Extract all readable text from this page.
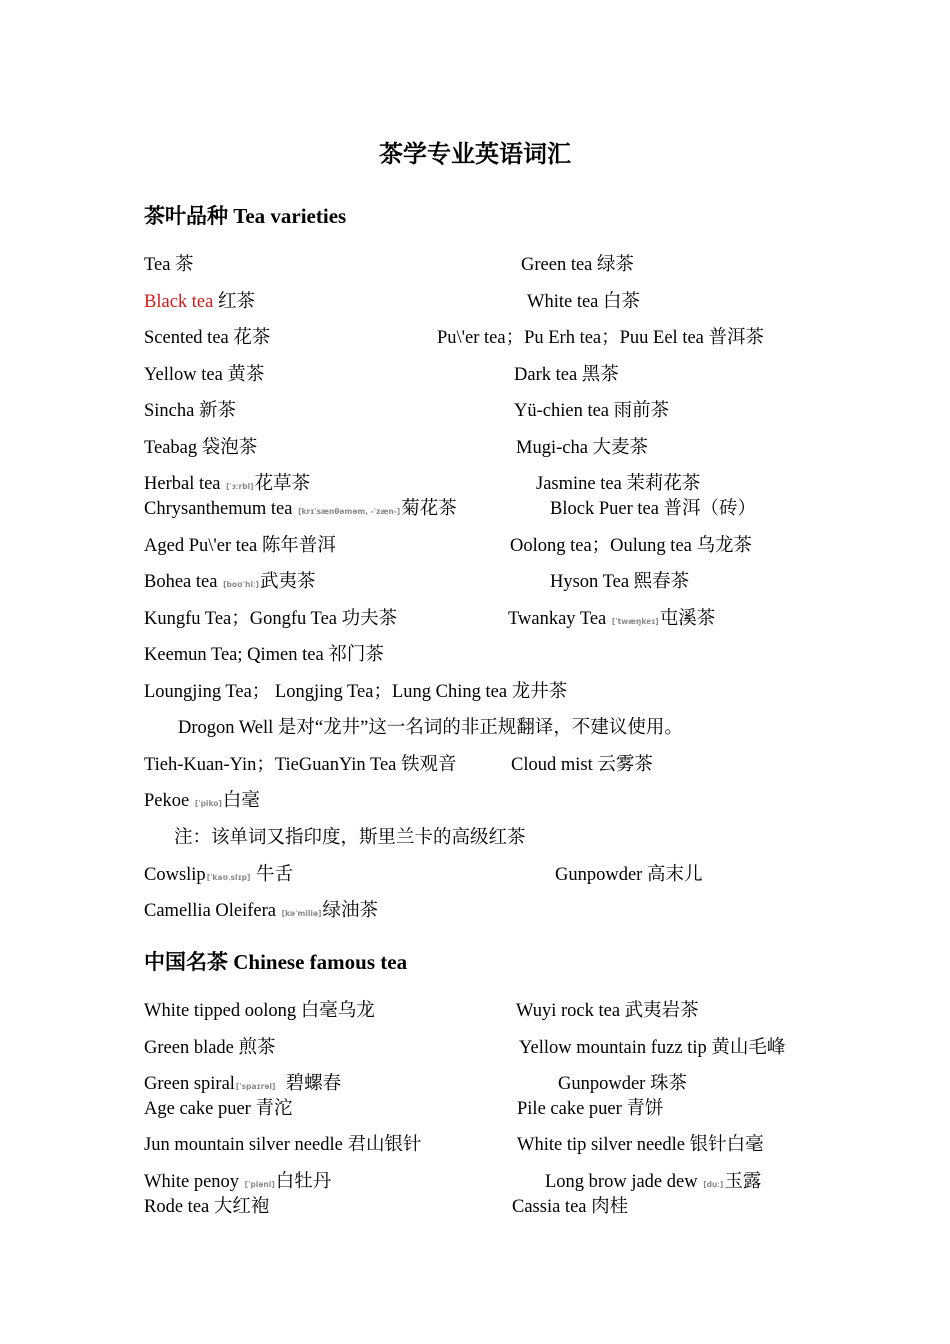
茶学专业英语词汇
茶叶品种 Tea varieties
Tea 茶	Green tea 绿茶
Black tea 红茶	White tea 白茶
Scented tea 花茶	Pu\'er tea；Pu Erh tea；Puu Eel tea 普洱茶
Yellow tea 黄茶	Dark tea 黑茶
Sincha 新茶	Yü-chien tea 雨前茶
Teabag 袋泡茶	Mugi-cha 大麦茶
Herbal tea [ˈɜːrbl]花草茶	Jasmine tea 茉莉花茶
Chrysanthemum tea [krɪˈsænθəməm, -ˈzæn-]菊花茶	Block Puer tea 普洱（砖）
Aged Pu\'er tea 陈年普洱	Oolong tea；Oulung tea 乌龙茶
Bohea tea [boʊˈhiː]武夷茶	Hyson Tea 熙春茶
Kungfu Tea；Gongfu Tea 功夫茶	Twankay Tea [ˈtwæŋkeɪ]屯溪茶
Keemun Tea; Qimen tea 祁门茶
Loungjing Tea； Longjing Tea；Lung Ching tea 龙井茶
Drogon Well 是对“龙井”这一名词的非正规翻译，不建议使用。
Tieh-Kuan-Yin；TieGuanYin Tea 铁观音	Cloud mist 云雾茶
Pekoe [ˈpiko]白毫
注：该单词又指印度，斯里兰卡的高级红茶
Cowslip[ˈkaʊˌslɪp] 牛舌	Gunpowder 高末儿
Camellia Oleifera [kəˈmiliə]绿油茶
中国名茶 Chinese famous tea
White tipped oolong 白毫乌龙	Wuyi rock tea 武夷岩茶
Green blade 煎茶	Yellow mountain fuzz tip 黄山毛峰
Green spiral[ˈspaɪrəl]  碧螺春	Gunpowder 珠茶
Age cake puer 青沱	Pile cake puer 青饼
Jun mountain silver needle 君山银针	White tip silver needle 银针白毫
White penoy [ˈpiəni]白牡丹	Long brow jade dew [duː]玉露
Rode tea 大红袍	Cassia tea 肉桂
